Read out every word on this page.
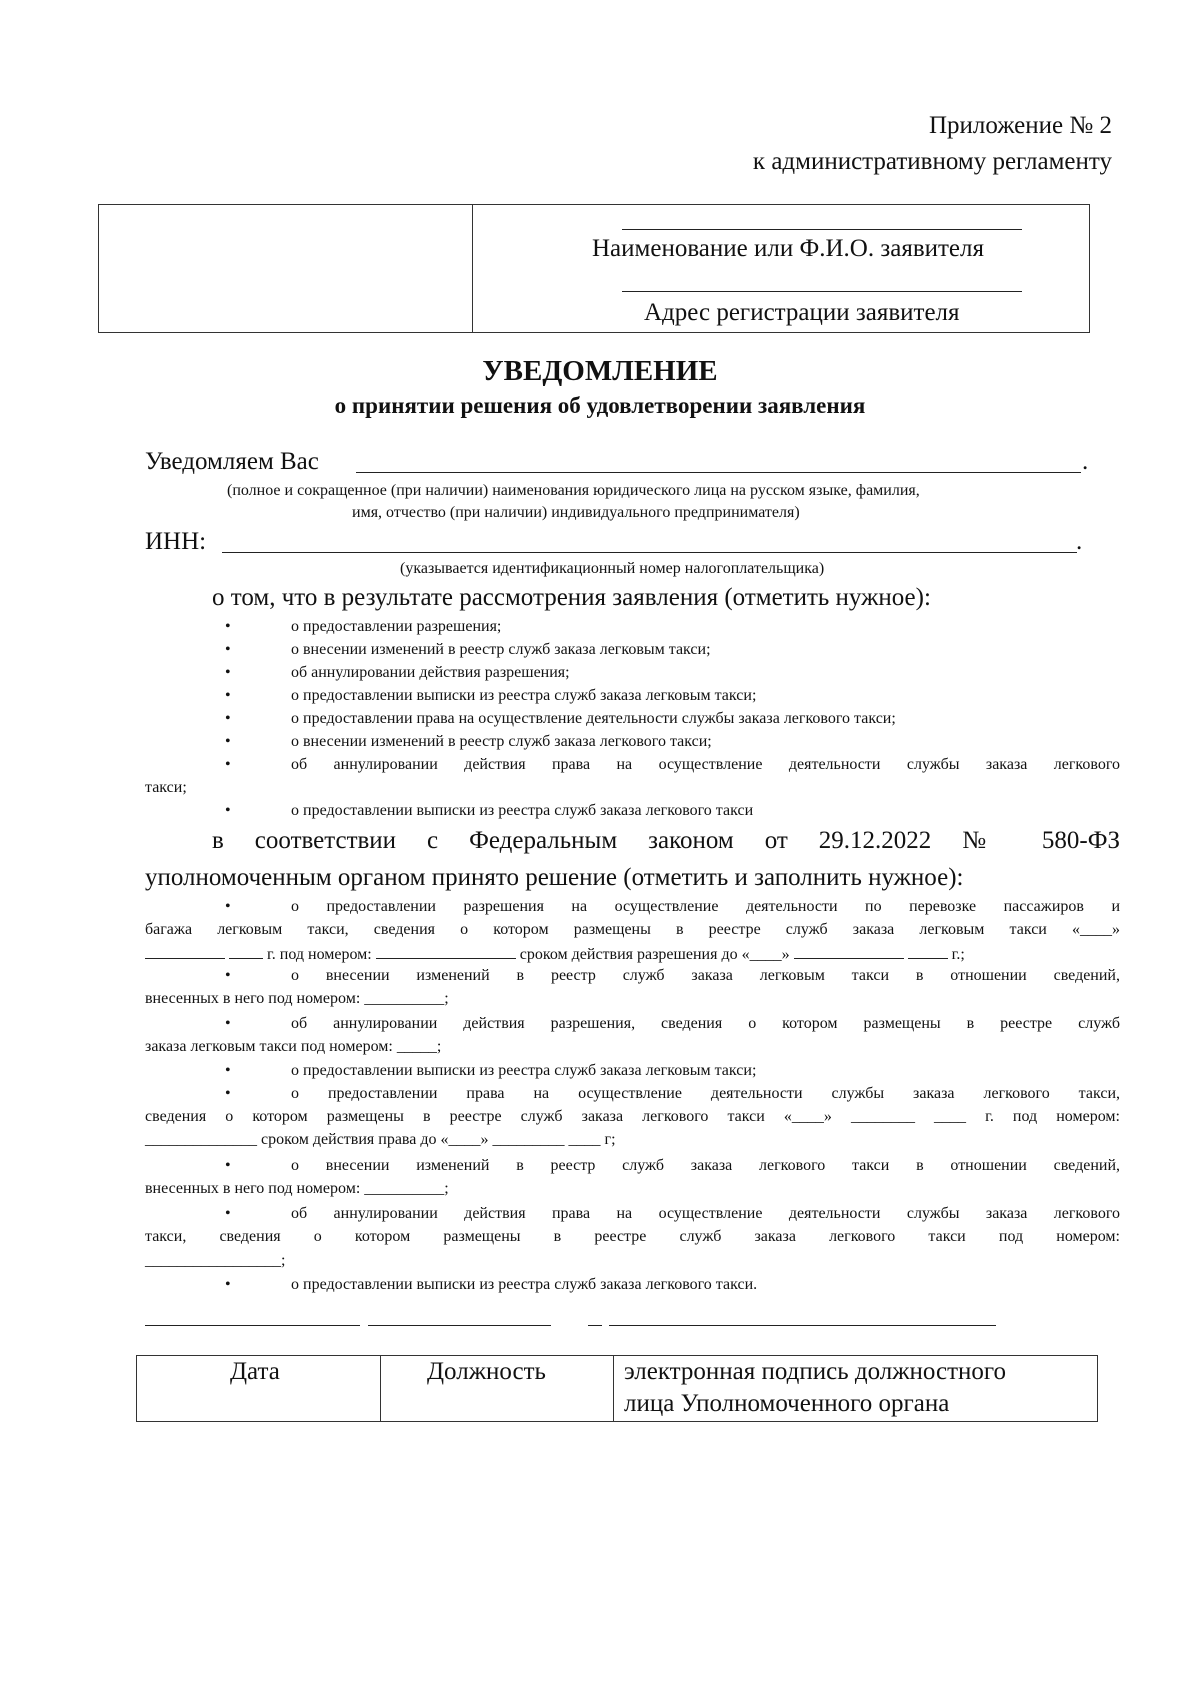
Приложение № 2
к административному регламенту
Наименование или Ф.И.О. заявителя
Адрес регистрации заявителя
УВЕДОМЛЕНИЕ
о принятии решения об удовлетворении заявления
Уведомляем Вас	.
(полное и сокращенное (при наличии) наименования юридического лица на русском языке, фамилия,
имя, отчество (при наличии) индивидуального предпринимателя)
ИНН:	.
(указывается идентификационный номер налогоплательщика)
о том, что в результате рассмотрения заявления (отметить нужное):
• о предоставлении разрешения;
• о внесении изменений в реестр служб заказа легковым такси;
• об аннулировании действия разрешения;
• о предоставлении выписки из реестра служб заказа легковым такси;
• о предоставлении права на осуществление деятельности службы заказа легкового такси;
• о внесении изменений в реестр служб заказа легкового такси;
• об аннулировании действия права на осуществление деятельности службы заказа легкового
такси;
• о предоставлении выписки из реестра служб заказа легкового такси
в соответствии с Федеральным законом от 29.12.2022 № 580-ФЗ
уполномоченным органом принято решение (отметить и заполнить нужное):
• о предоставлении разрешения на осуществление деятельности по перевозке пассажиров и
багажа легковым такси, сведения о котором размещены в реестре служб заказа легковым такси «____»
г. под номером:	сроком действия разрешения до «____»	г.;
• о внесении изменений в реестр служб заказа легковым такси в отношении сведений,
внесенных в него под номером: __________;
• об аннулировании действия разрешения, сведения о котором размещены в реестре служб
заказа легковым такси под номером: _____;
• о предоставлении выписки из реестра служб заказа легковым такси;
• о предоставлении права на осуществление деятельности службы заказа легкового такси,
сведения о котором размещены в реестре служб заказа легкового такси «____» ________ ____ г. под номером:
______________ сроком действия права до «____» _________ ____ г;
• о внесении изменений в реестр служб заказа легкового такси в отношении сведений,
внесенных в него под номером: __________;
• об аннулировании действия права на осуществление деятельности службы заказа легкового
такси, сведения о котором размещены в реестре служб заказа легкового такси под номером:
_________________;
• о предоставлении выписки из реестра служб заказа легкового такси.
Дата	Должность	электронная подпись должностного
лица Уполномоченного органа
